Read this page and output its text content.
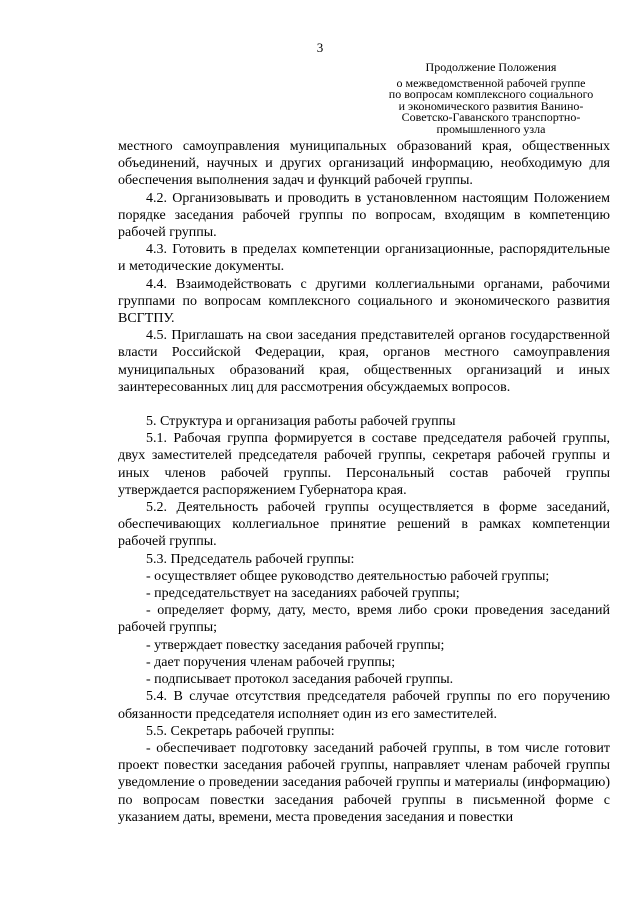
3
Продолжение Положения
о межведомственной рабочей группе
по вопросам комплексного социального
и экономического развития Ванино-
Советско-Гаванского транспортно-
промышленного узла

местного самоуправления муниципальных образований края, общественных объединений, научных и других организаций информацию, необходимую для обеспечения выполнения задач и функций рабочей группы.

4.2. Организовывать и проводить в установленном настоящим Положением порядке заседания рабочей группы по вопросам, входящим в компетенцию рабочей группы.

4.3. Готовить в пределах компетенции организационные, распорядительные и методические документы.

4.4. Взаимодействовать с другими коллегиальными органами, рабочими группами по вопросам комплексного социального и экономического развития ВСГТПУ.

4.5. Приглашать на свои заседания представителей органов государственной власти Российской Федерации, края, органов местного самоуправления муниципальных образований края, общественных организаций и иных заинтересованных лиц для рассмотрения обсуждаемых вопросов.

5. Структура и организация работы рабочей группы

5.1. Рабочая группа формируется в составе председателя рабочей группы, двух заместителей председателя рабочей группы, секретаря рабочей группы и иных членов рабочей группы. Персональный состав рабочей группы утверждается распоряжением Губернатора края.

5.2. Деятельность рабочей группы осуществляется в форме заседаний, обеспечивающих коллегиальное принятие решений в рамках компетенции рабочей группы.

5.3. Председатель рабочей группы:

- осуществляет общее руководство деятельностью рабочей группы;

- председательствует на заседаниях рабочей группы;

- определяет форму, дату, место, время либо сроки проведения заседаний рабочей группы;

- утверждает повестку заседания рабочей группы;

- дает поручения членам рабочей группы;

- подписывает протокол заседания рабочей группы.

5.4. В случае отсутствия председателя рабочей группы по его поручению обязанности председателя исполняет один из его заместителей.

5.5. Секретарь рабочей группы:

- обеспечивает подготовку заседаний рабочей группы, в том числе готовит проект повестки заседания рабочей группы, направляет членам рабочей группы уведомление о проведении заседания рабочей группы и материалы (информацию) по вопросам повестки заседания рабочей группы в письменной форме с указанием даты, времени, места проведения заседания и повестки
